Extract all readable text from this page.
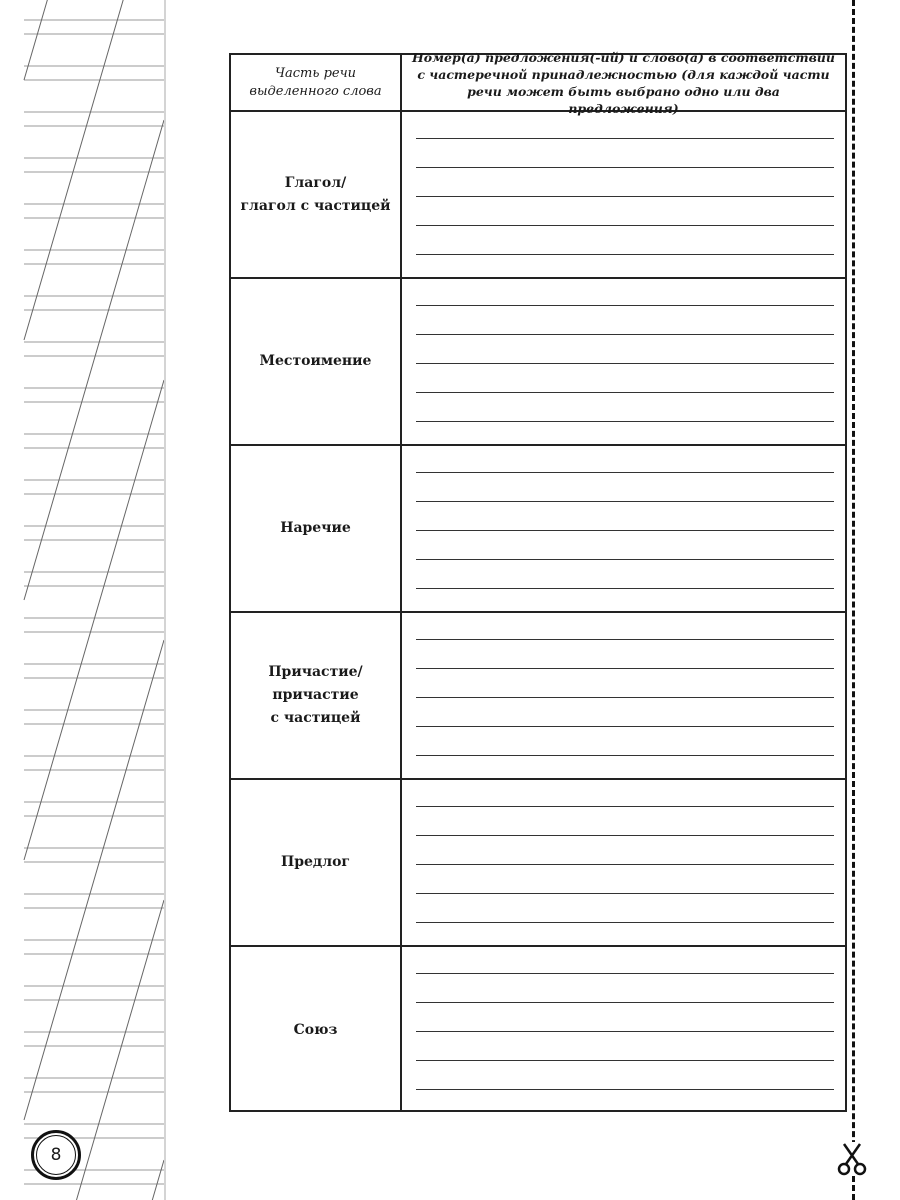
Часть речи
выделенного слова
Номер(а) предложения(-ий) и слово(а) в соответствии с частеречной принадлежностью (для каждой части речи может быть выбрано одно или два предложения)
Глагол/
глагол с частицей
Местоимение
Наречие
Причастие/
причастие
с частицей
Предлог
Союз
8
